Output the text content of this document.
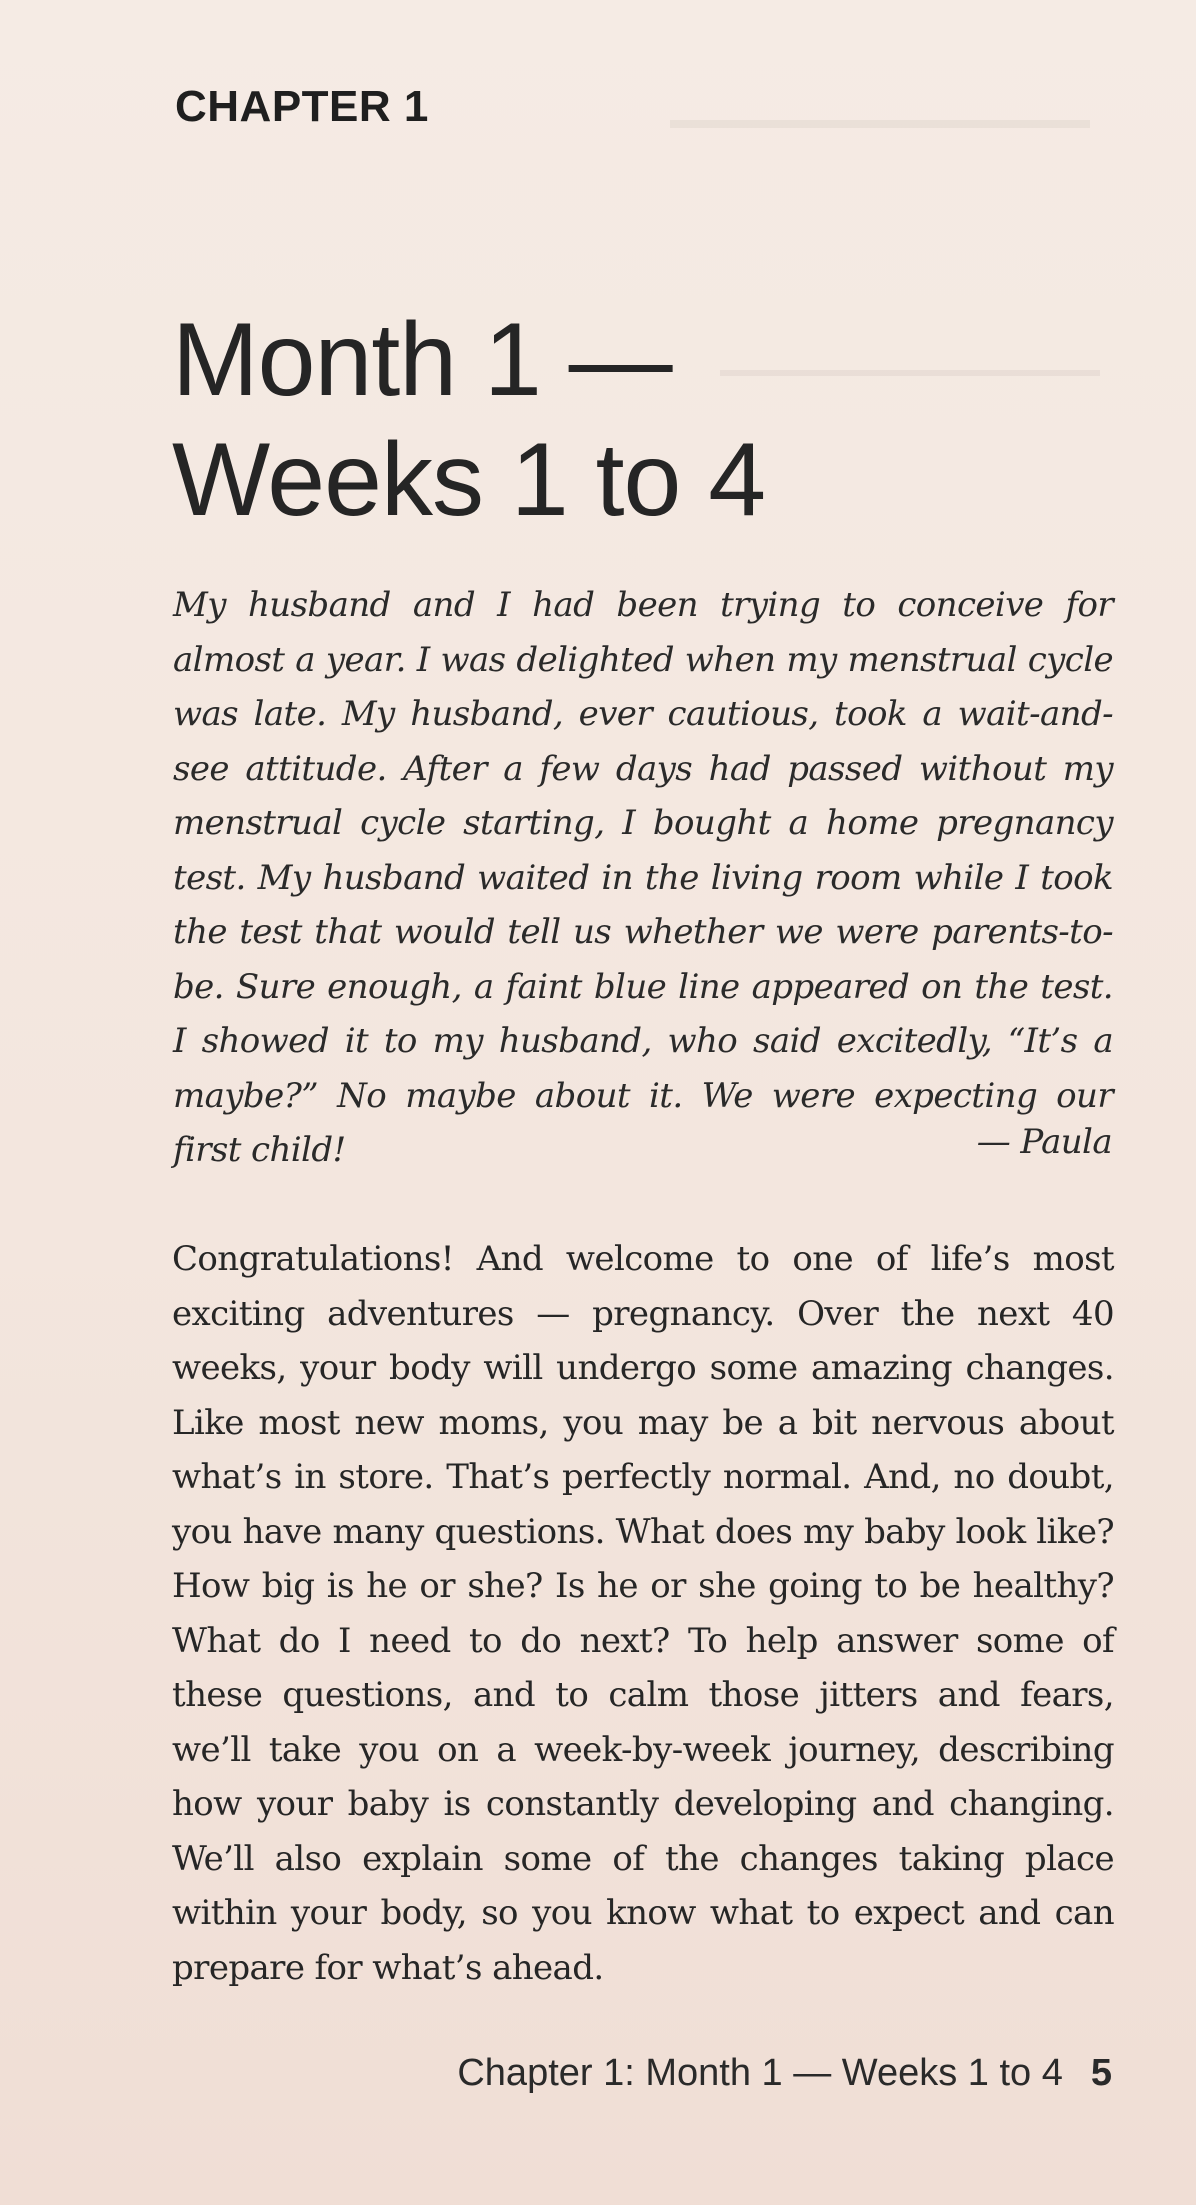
CHAPTER 1
Month 1 —
Weeks 1 to 4

My husband and I had been trying to conceive for almost a year. I was delighted when my menstrual cycle was late. My husband, ever cautious, took a wait-and-see attitude. After a few days had passed without my menstrual cycle starting, I bought a home pregnancy test. My husband waited in the living room while I took the test that would tell us whether we were parents-to-be. Sure enough, a faint blue line appeared on the test. I showed it to my husband, who said excitedly, “It’s a maybe?” No maybe about it. We were expecting our first child!	— Paula

Congratulations! And welcome to one of life’s most exciting adventures — pregnancy. Over the next 40 weeks, your body will undergo some amazing changes. Like most new moms, you may be a bit nervous about what’s in store. That’s perfectly normal. And, no doubt, you have many questions. What does my baby look like? How big is he or she? Is he or she going to be healthy? What do I need to do next? To help answer some of these questions, and to calm those jitters and fears, we’ll take you on a week-by-week journey, describing how your baby is constantly developing and changing. We’ll also explain some of the changes taking place within your body, so you know what to expect and can prepare for what’s ahead.

Chapter 1: Month 1 — Weeks 1 to 4 5
